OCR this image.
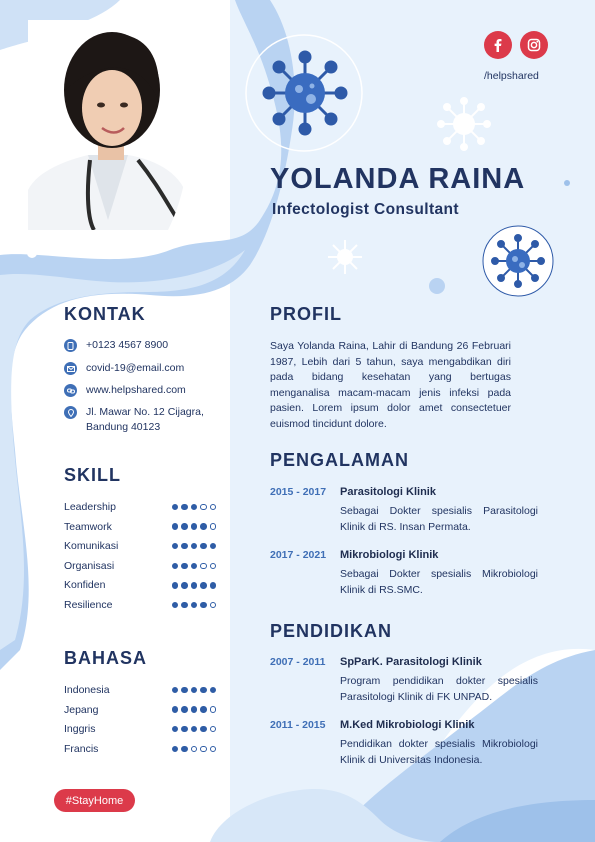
/helpshared
YOLANDA RAINA
Infectologist Consultant
KONTAK
+0123 4567 8900
covid-19@email.com
www.helpshared.com
Jl. Mawar No. 12 Cijagra, Bandung 40123
SKILL
Leadership
Teamwork
Komunikasi
Organisasi
Konfiden
Resilience
BAHASA
Indonesia
Jepang
Inggris
Francis
#StayHome
PROFIL
Saya Yolanda Raina, Lahir di Bandung 26 Februari 1987, Lebih dari 5 tahun, saya mengabdikan diri pada bidang kesehatan yang bertugas menganalisa macam-macam jenis infeksi pada pasien. Lorem ipsum dolor amet consectetuer euismod tincidunt dolore.
PENGALAMAN
2015 - 2017 Parasitologi Klinik
Sebagai Dokter spesialis Parasitologi Klinik di RS. Insan Permata.
2017 - 2021 Mikrobiologi Klinik
Sebagai Dokter spesialis Mikrobiologi Klinik di RS.SMC.
PENDIDIKAN
2007 - 2011 SpParK. Parasitologi Klinik
Program pendidikan dokter spesialis Parasitologi Klinik di FK UNPAD.
2011 - 2015 M.Ked Mikrobiologi Klinik
Pendidikan dokter spesialis Mikrobiologi Klinik di Universitas Indonesia.
